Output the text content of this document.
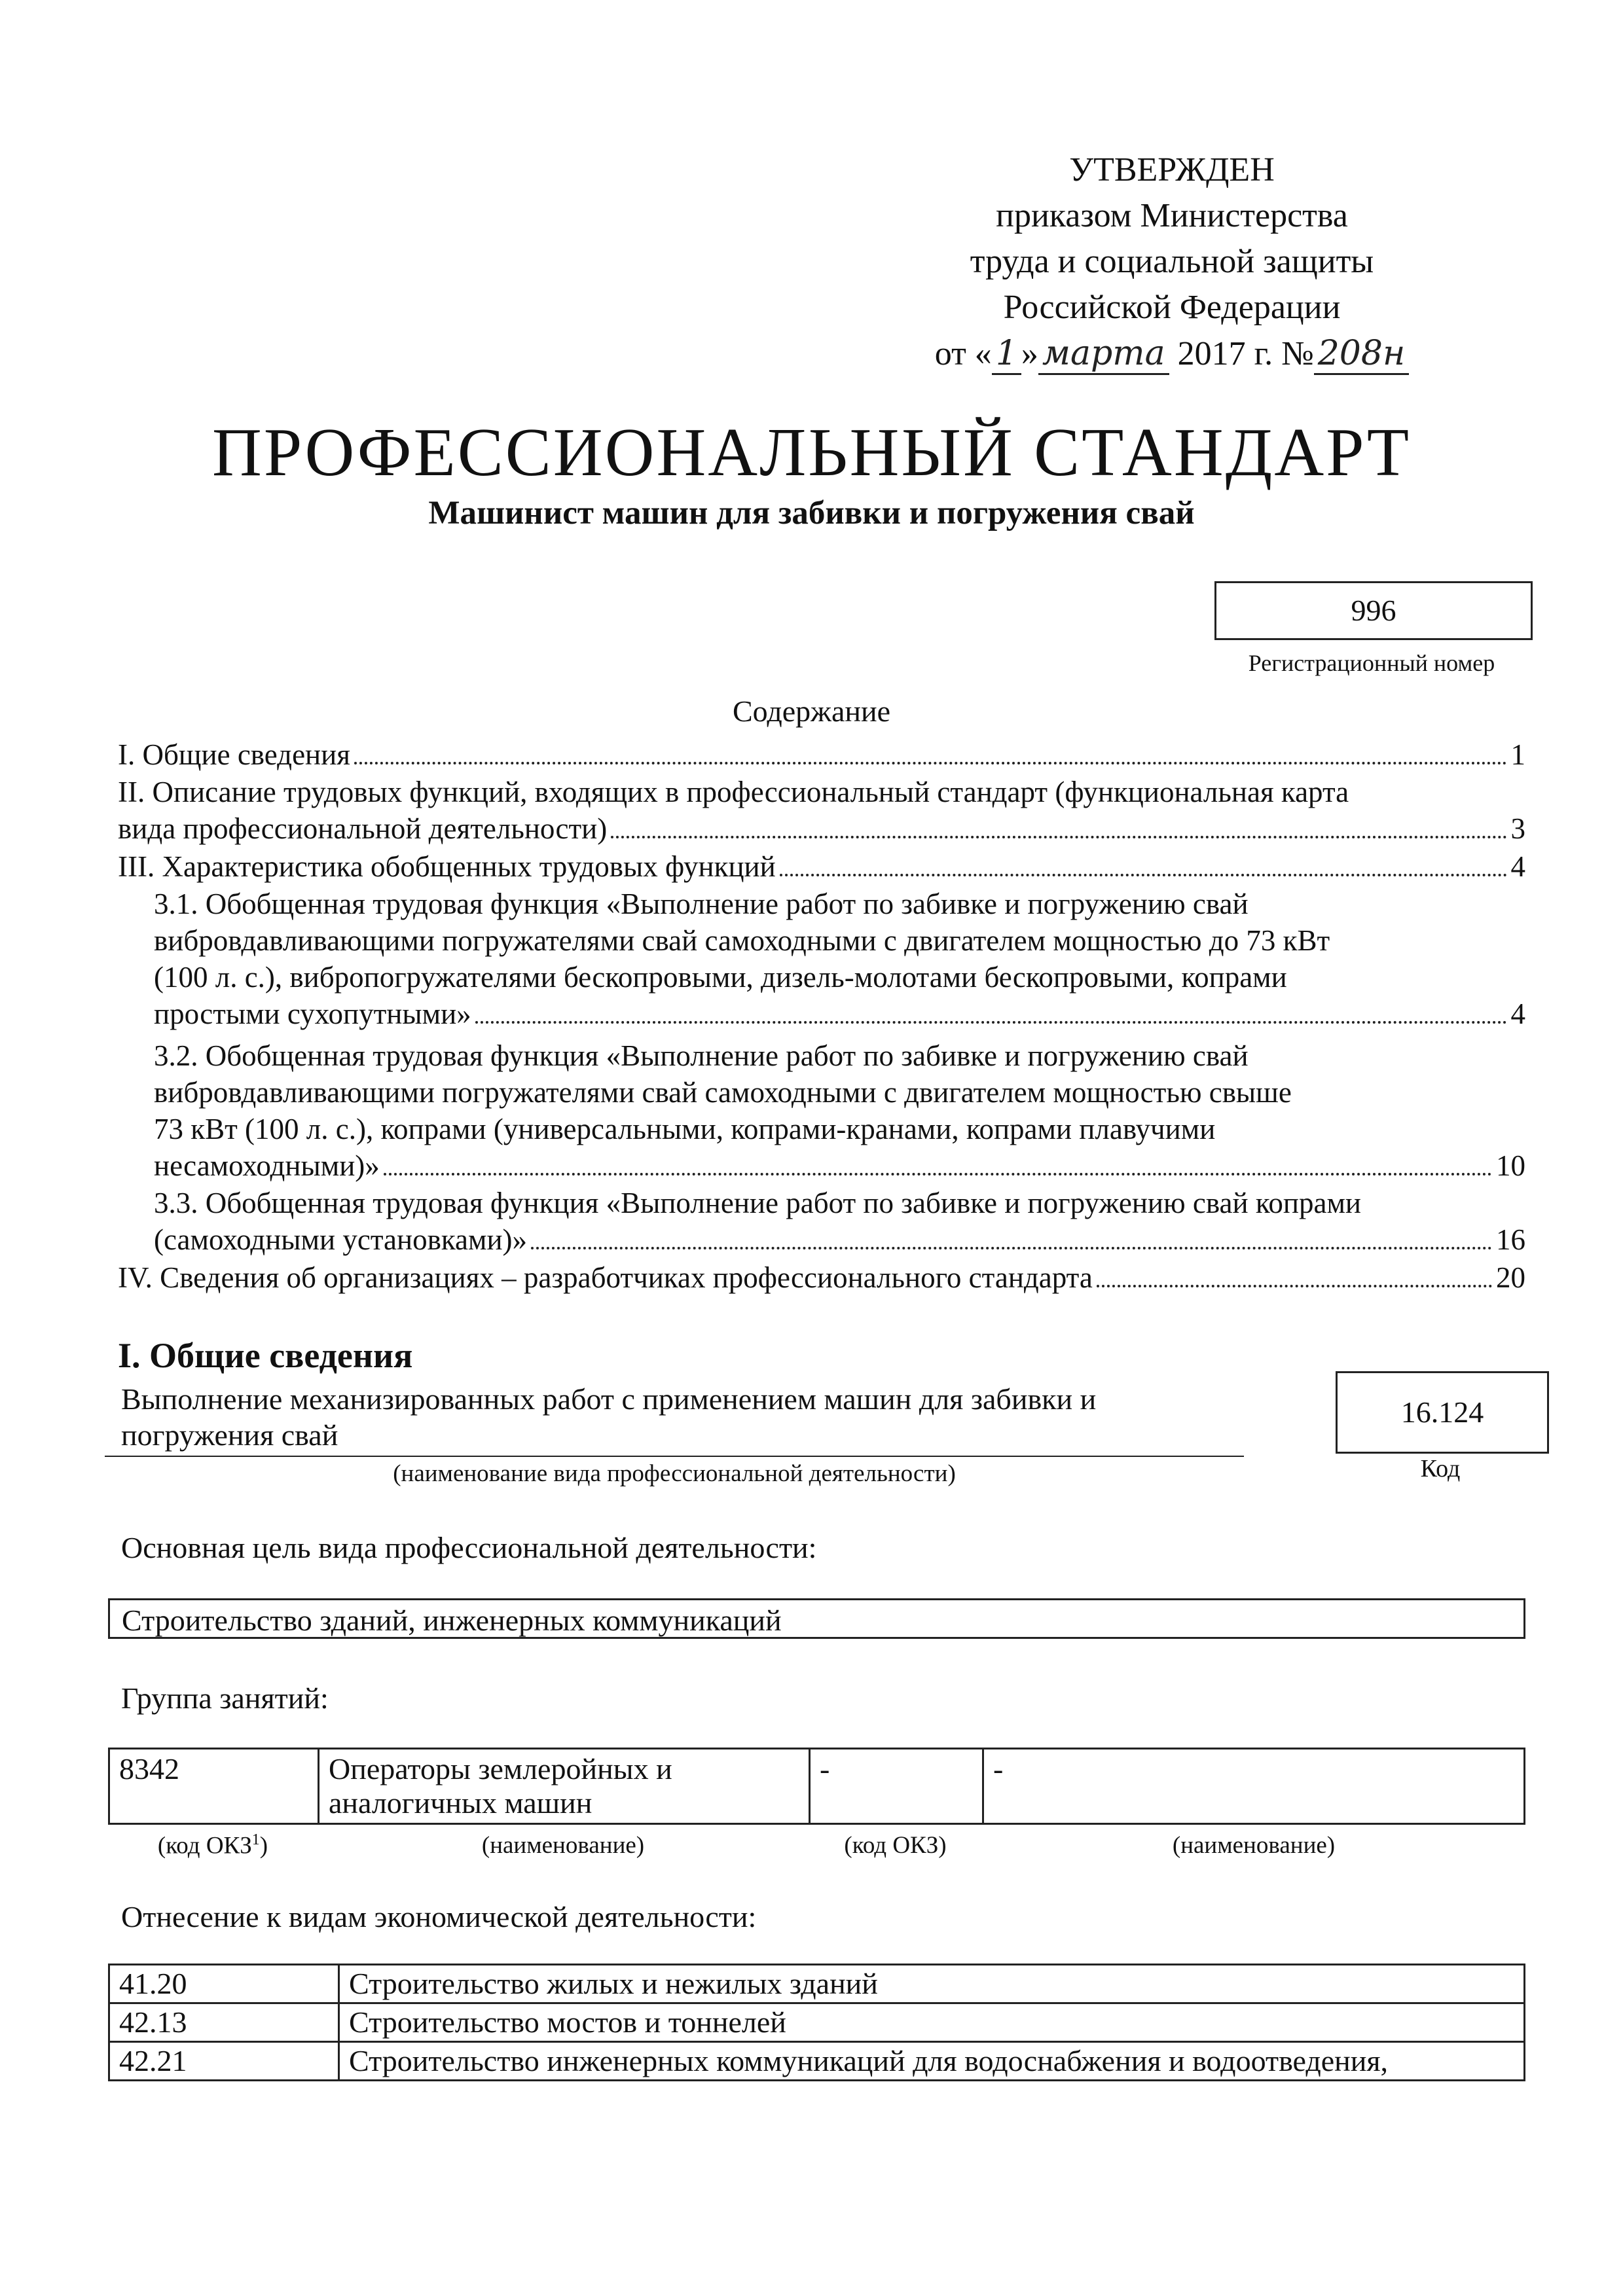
УТВЕРЖДЕН
приказом Министерства
труда и социальной защиты
Российской Федерации
от « 1 » марта 2017 г. № 208н
ПРОФЕССИОНАЛЬНЫЙ СТАНДАРТ
Машинист машин для забивки и погружения свай
996
Регистрационный номер
Содержание
I. Общие сведения	1
II. Описание трудовых функций, входящих в профессиональный стандарт (функциональная карта
вида профессиональной деятельности)	3
III. Характеристика обобщенных трудовых функций	4
3.1. Обобщенная трудовая функция «Выполнение работ по забивке и погружению свай
вибровдавливающими погружателями свай самоходными с двигателем мощностью до 73 кВт
(100 л. с.), вибропогружателями бескопровыми, дизель-молотами бескопровыми, копрами
простыми сухопутными»	4
3.2. Обобщенная трудовая функция «Выполнение работ по забивке и погружению свай
вибровдавливающими погружателями свай самоходными с двигателем мощностью свыше
73 кВт (100 л. с.), копрами (универсальными, копрами-кранами, копрами плавучими
несамоходными)»	10
3.3. Обобщенная трудовая функция «Выполнение работ по забивке и погружению свай копрами
(самоходными установками)»	16
IV. Сведения об организациях – разработчиках профессионального стандарта	20
I. Общие сведения
Выполнение механизированных работ с применением машин для забивки и погружения свай
(наименование вида профессиональной деятельности)
16.124
Код
Основная цель вида профессиональной деятельности:
Строительство зданий, инженерных коммуникаций
Группа занятий:
8342	Операторы землеройных и аналогичных машин	-	-
(код ОКЗ$^1$)	(наименование)	(код ОКЗ)	(наименование)
Отнесение к видам экономической деятельности:
41.20	Строительство жилых и нежилых зданий
42.13	Строительство мостов и тоннелей
42.21	Строительство инженерных коммуникаций для водоснабжения и водоотведения,
